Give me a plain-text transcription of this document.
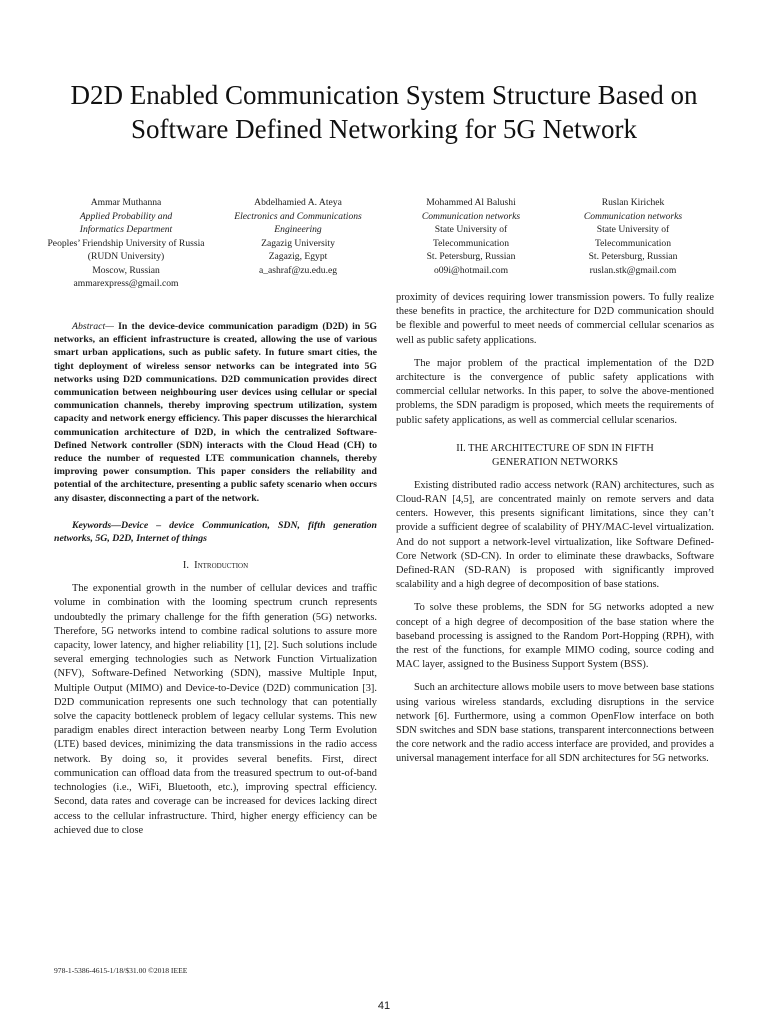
D2D Enabled Communication System Structure Based on Software Defined Networking for 5G Network
Ammar Muthanna
Applied Probability and Informatics Department
Peoples’ Friendship University of Russia (RUDN University)
Moscow, Russian
ammarexpress@gmail.com
Abdelhamied A. Ateya
Electronics and Communications Engineering
Zagazig University
Zagazig, Egypt
a_ashraf@zu.edu.eg
Mohammed Al Balushi
Communication networks
State University of Telecommunication
St. Petersburg, Russian
o09i@hotmail.com
Ruslan Kirichek
Communication networks
State University of Telecommunication
St. Petersburg, Russian
ruslan.stk@gmail.com
Abstract— In the device-device communication paradigm (D2D) in 5G networks, an efficient infrastructure is created, allowing the use of various smart urban applications, such as public safety. In future smart cities, the tight deployment of wireless sensor networks can be integrated into 5G networks using D2D communications. D2D communication provides direct communication between neighbouring user devices using cellular or special communication channels, thereby improving spectrum utilization, system capacity and network energy efficiency. This paper discusses the hierarchical communication architecture of D2D, in which the centralized Software-Defined Network controller (SDN) interacts with the Cloud Head (CH) to reduce the number of requested LTE communication channels, thereby improving power consumption. This paper considers the reliability and potential of the architecture, presenting a public safety scenario when occurs any disaster, disconnecting a part of the network.
Keywords—Device – device Communication, SDN, fifth generation networks, 5G, D2D, Internet of things
I. Introduction
The exponential growth in the number of cellular devices and traffic volume in combination with the looming spectrum crunch represents undoubtedly the primary challenge for the fifth generation (5G) networks. Therefore, 5G networks intend to combine radical solutions to assure more capacity, lower latency, and higher reliability [1], [2]. Such solutions include several emerging technologies such as Network Function Virtualization (NFV), Software-Defined Networking (SDN), massive Multiple Input, Multiple Output (MIMO) and Device-to-Device (D2D) communication [3]. D2D communication represents one such technology that can potentially solve the capacity bottleneck problem of legacy cellular systems. This new paradigm enables direct interaction between nearby Long Term Evolution (LTE) based devices, minimizing the data transmissions in the radio access network. By doing so, it provides several benefits. First, direct communication can offload data from the treasured spectrum to out-of-band technologies (i.e., WiFi, Bluetooth, etc.), improving spectral efficiency. Second, data rates and coverage can be increased for devices lacking direct access to the cellular infrastructure. Third, higher energy efficiency can be achieved due to close
proximity of devices requiring lower transmission powers. To fully realize these benefits in practice, the architecture for D2D communication should be flexible and powerful to meet needs of commercial cellular scenarios as well as public safety applications.
The major problem of the practical implementation of the D2D architecture is the convergence of public safety applications with commercial cellular networks. In this paper, to solve the above-mentioned problems, the SDN paradigm is proposed, which meets the requirements of public safety applications, as well as commercial cellular scenarios.
II. THE ARCHITECTURE OF SDN IN FIFTH GENERATION NETWORKS
Existing distributed radio access network (RAN) architectures, such as Cloud-RAN [4,5], are concentrated mainly on remote servers and data centers. However, this presents significant limitations, since they can’t provide a sufficient degree of scalability of PHY/MAC-level virtualization. And do not support a network-level virtualization, like Software Defined-Core Network (SD-CN). In order to eliminate these drawbacks, Software Defined-RAN (SD-RAN) is proposed with significantly improved scalability and a high degree of decomposition of base stations.
To solve these problems, the SDN for 5G networks adopted a new concept of a high degree of decomposition of the base station where the baseband processing is assigned to the Random Port-Hopping (RPH), with the rest of the functions, for example MIMO coding, source coding and MAC layer, assigned to the Business Support System (BSS).
Such an architecture allows mobile users to move between base stations using various wireless standards, excluding disruptions in the service network [6]. Furthermore, using a common OpenFlow interface on both SDN switches and SDN base stations, transparent interconnections between the core network and the radio access interface are provided, and provides a universal management interface for all SDN architectures for 5G networks.
978-1-5386-4615-1/18/$31.00 ©2018 IEEE
41
